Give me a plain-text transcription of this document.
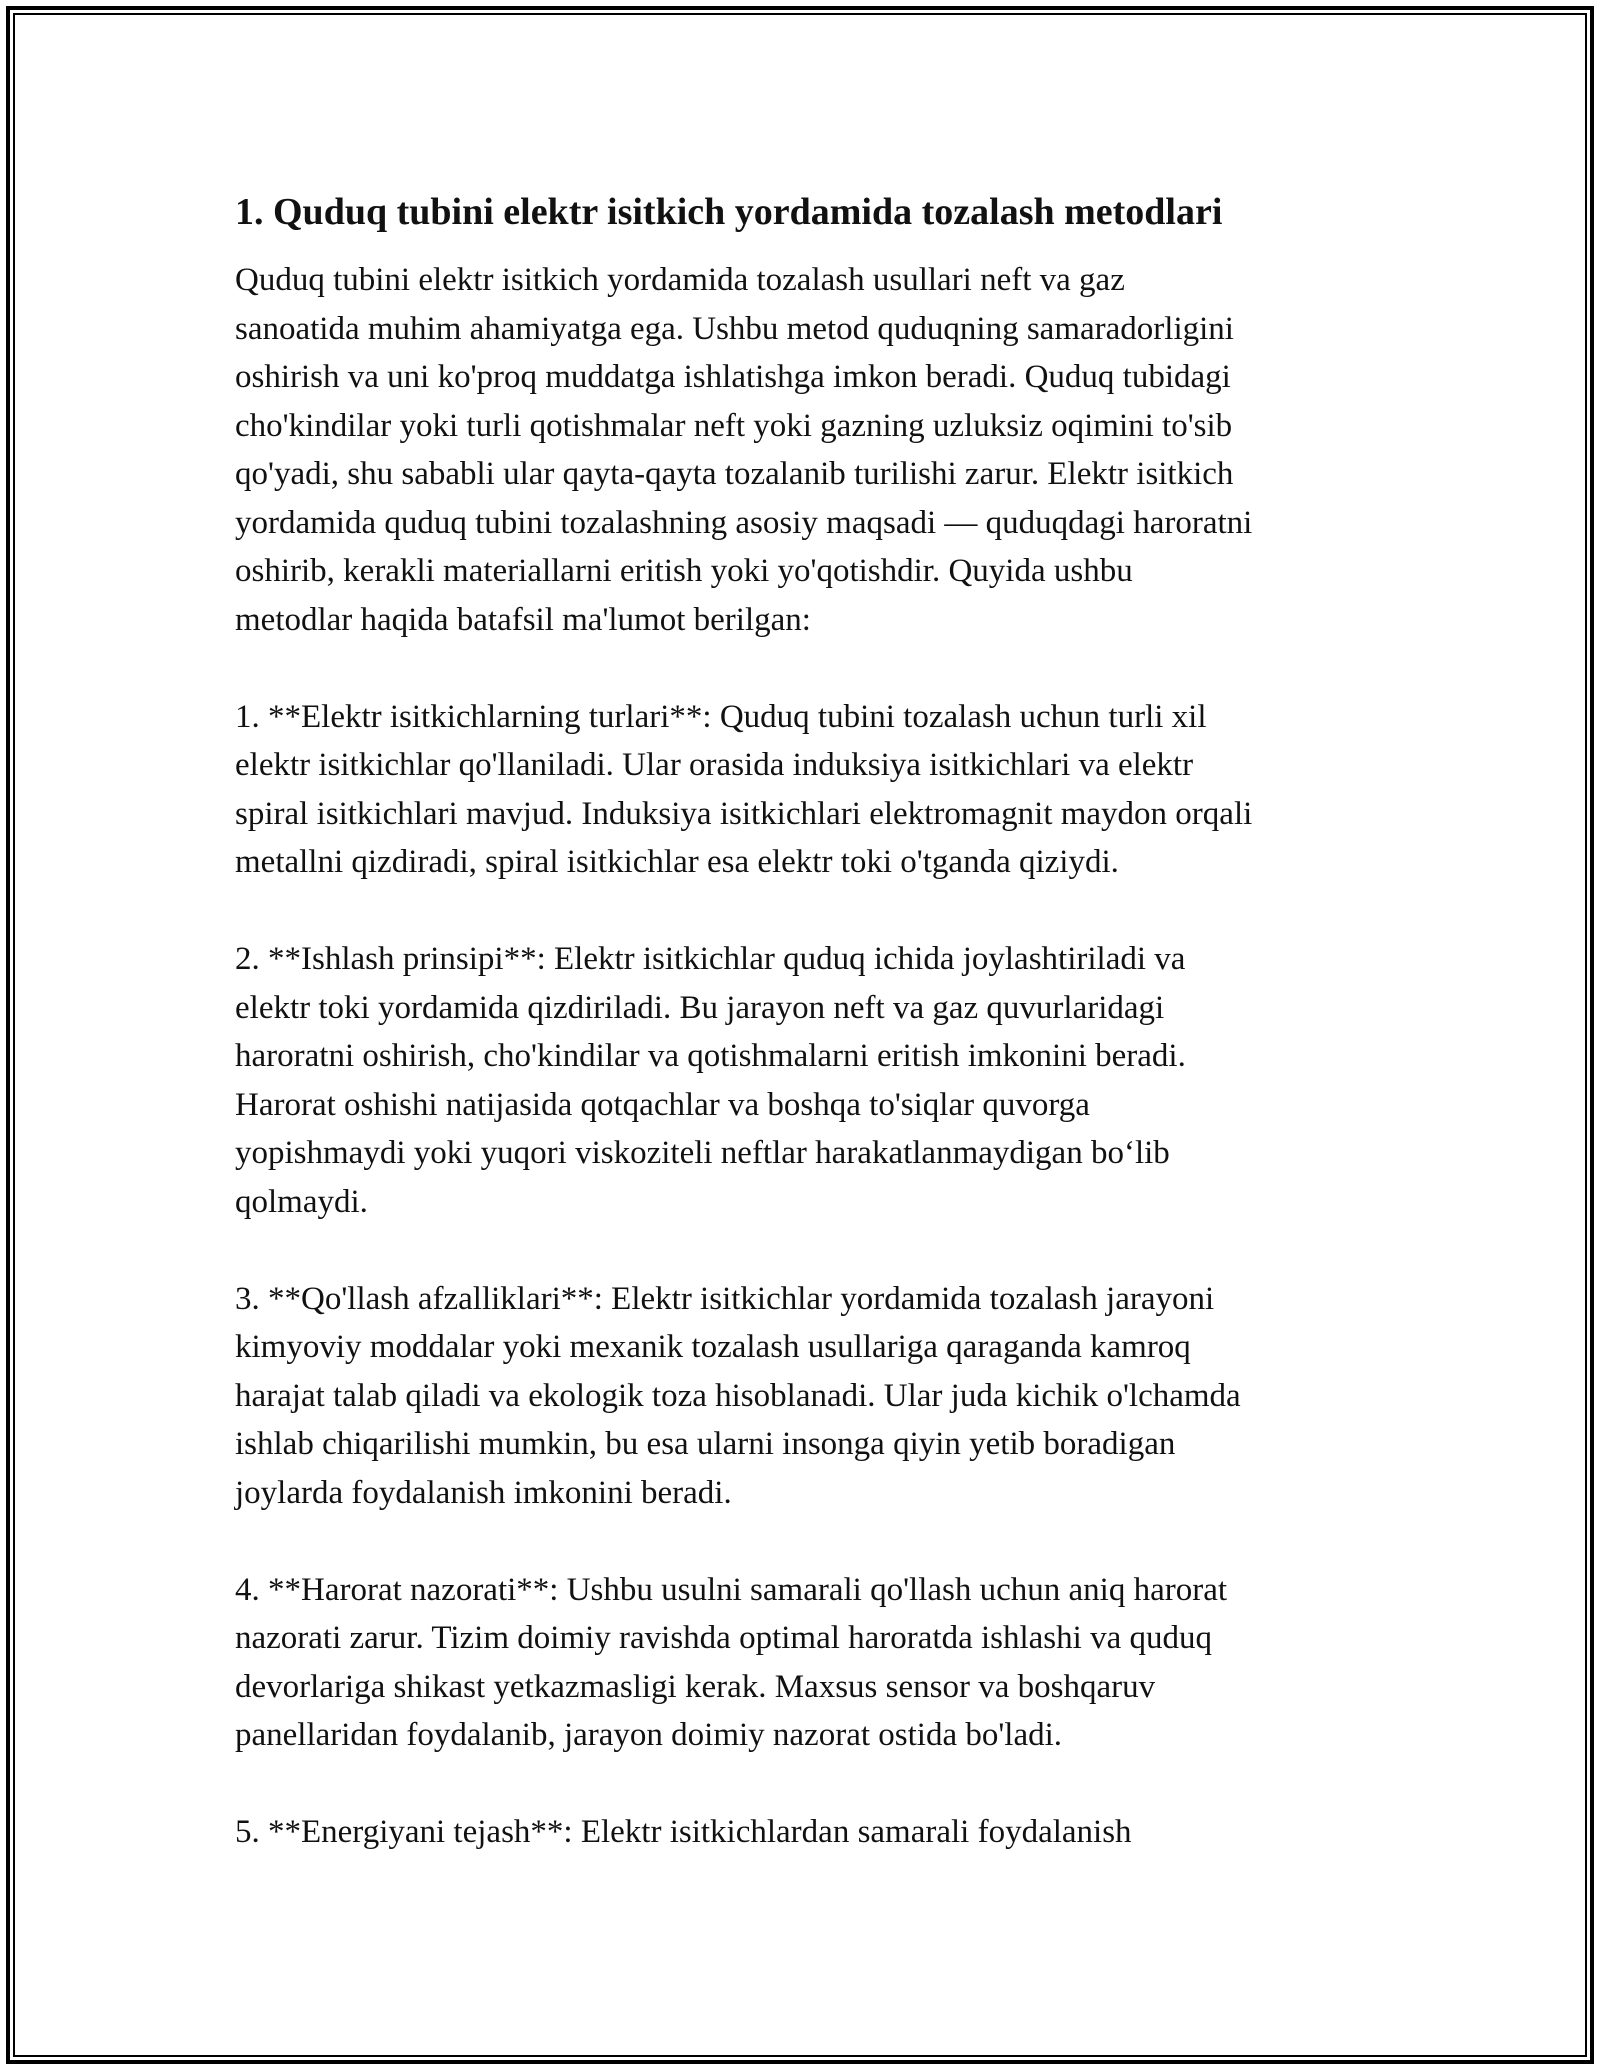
1. Quduq tubini elektr isitkich yordamida tozalash metodlari

Quduq tubini elektr isitkich yordamida tozalash usullari neft va gaz
sanoatida muhim ahamiyatga ega. Ushbu metod quduqning samaradorligini
oshirish va uni ko'proq muddatga ishlatishga imkon beradi. Quduq tubidagi
cho'kindilar yoki turli qotishmalar neft yoki gazning uzluksiz oqimini to'sib
qo'yadi, shu sababli ular qayta-qayta tozalanib turilishi zarur. Elektr isitkich
yordamida quduq tubini tozalashning asosiy maqsadi — quduqdagi haroratni
oshirib, kerakli materiallarni eritish yoki yo'qotishdir. Quyida ushbu
metodlar haqida batafsil ma'lumot berilgan:

1. **Elektr isitkichlarning turlari**: Quduq tubini tozalash uchun turli xil
elektr isitkichlar qo'llaniladi. Ular orasida induksiya isitkichlari va elektr
spiral isitkichlari mavjud. Induksiya isitkichlari elektromagnit maydon orqali
metallni qizdiradi, spiral isitkichlar esa elektr toki o'tganda qiziydi.

2. **Ishlash prinsipi**: Elektr isitkichlar quduq ichida joylashtiriladi va
elektr toki yordamida qizdiriladi. Bu jarayon neft va gaz quvurlaridagi
haroratni oshirish, cho'kindilar va qotishmalarni eritish imkonini beradi.
Harorat oshishi natijasida qotqachlar va boshqa to'siqlar quvorga
yopishmaydi yoki yuqori viskoziteli neftlar harakatlanmaydigan bo‘lib
qolmaydi.

3. **Qo'llash afzalliklari**: Elektr isitkichlar yordamida tozalash jarayoni
kimyoviy moddalar yoki mexanik tozalash usullariga qaraganda kamroq
harajat talab qiladi va ekologik toza hisoblanadi. Ular juda kichik o'lchamda
ishlab chiqarilishi mumkin, bu esa ularni insonga qiyin yetib boradigan
joylarda foydalanish imkonini beradi.

4. **Harorat nazorati**: Ushbu usulni samarali qo'llash uchun aniq harorat
nazorati zarur. Tizim doimiy ravishda optimal haroratda ishlashi va quduq
devorlariga shikast yetkazmasligi kerak. Maxsus sensor va boshqaruv
panellaridan foydalanib, jarayon doimiy nazorat ostida bo'ladi.

5. **Energiyani tejash**: Elektr isitkichlardan samarali foydalanish
